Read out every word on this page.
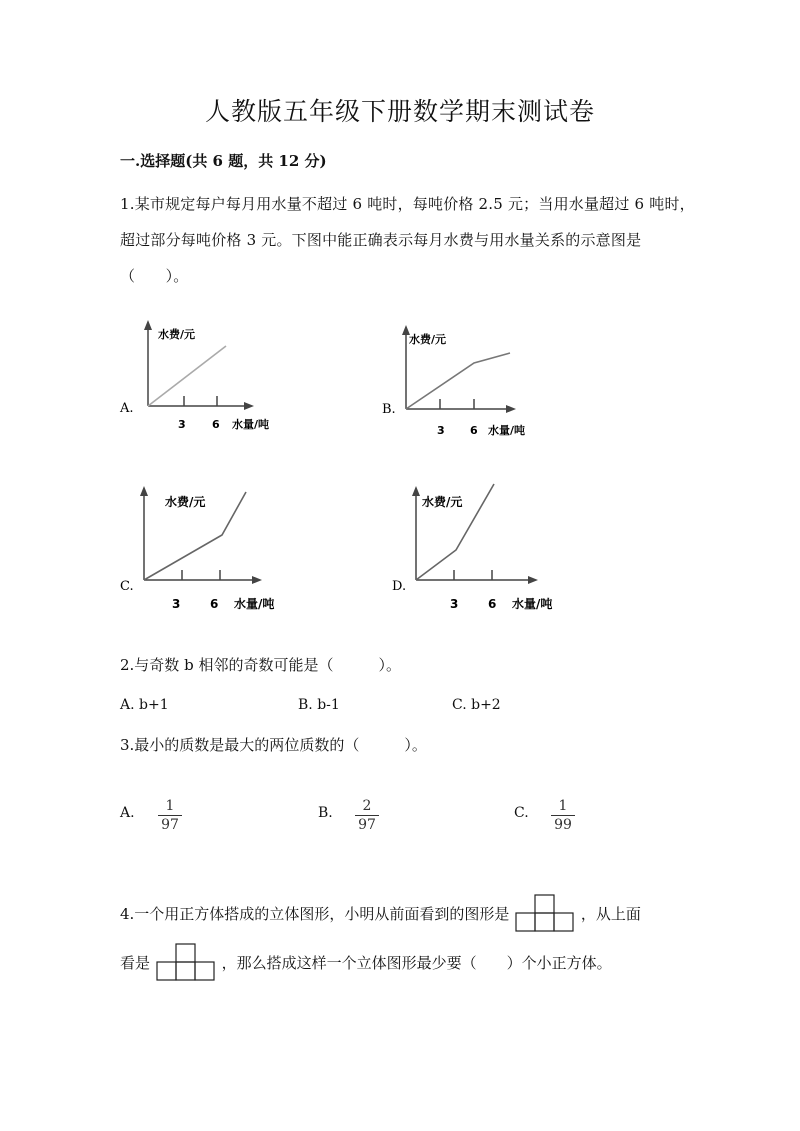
人教版五年级下册数学期末测试卷
一.选择题(共 6 题，共 12 分)
1.某市规定每户每月用水量不超过 6 吨时，每吨价格 2.5 元；当用水量超过 6 吨时，超过部分每吨价格 3 元。下图中能正确表示每月水费与用水量关系的示意图是（　　）。
A.
水费/元
3 6 水量/吨
B.
水费/元
3 6 水量/吨
C.
水费/元
3 6 水量/吨
D.
水费/元
3 6 水量/吨
2.与奇数 b 相邻的奇数可能是（　　　）。
A. b+1	B. b-1	C. b+2
3.最小的质数是最大的两位质数的（　　　）。
A. $\frac{1}{97}$	B. $\frac{2}{97}$	C. $\frac{1}{99}$
4.一个用正方体搭成的立体图形，小明从前面看到的图形是	，从上面
看是	，那么搭成这样一个立体图形最少要（　　）个小正方体。
